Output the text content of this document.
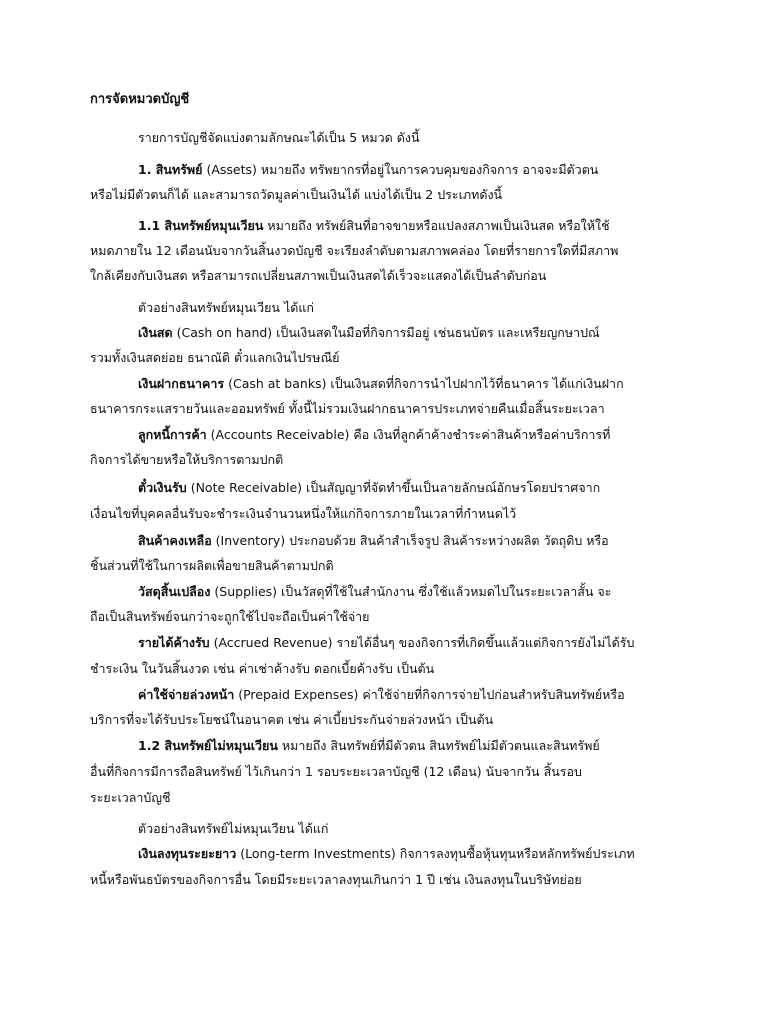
การจัดหมวดบัญชี

รายการบัญชีจัดแบ่งตามลักษณะได้เป็น 5 หมวด ดังนี้

1. สินทรัพย์ (Assets) หมายถึง ทรัพยากรที่อยู่ในการควบคุมของกิจการ อาจจะมีตัวตน

หรือไม่มีตัวตนก็ได้ และสามารถวัดมูลค่าเป็นเงินได้ แบ่งได้เป็น 2 ประเภทดังนี้

1.1 สินทรัพย์หมุนเวียน หมายถึง ทรัพย์สินที่อาจขายหรือแปลงสภาพเป็นเงินสด หรือให้ใช้

หมดภายใน 12 เดือนนับจากวันสิ้นงวดบัญชี จะเรียงลำดับตามสภาพคล่อง โดยที่รายการใดที่มีสภาพ

ใกล้เคียงกับเงินสด หรือสามารถเปลี่ยนสภาพเป็นเงินสดได้เร็วจะแสดงได้เป็นลำดับก่อน

ตัวอย่างสินทรัพย์หมุนเวียน ได้แก่

เงินสด (Cash on hand) เป็นเงินสดในมือที่กิจการมีอยู่ เช่นธนบัตร และเหรียญกษาปณ์

รวมทั้งเงินสดย่อย ธนาณัติ ตั๋วแลกเงินไปรษณีย์

เงินฝากธนาคาร (Cash at banks) เป็นเงินสดที่กิจการนำไปฝากไว้ที่ธนาคาร ได้แก่เงินฝาก

ธนาคารกระแสรายวันและออมทรัพย์ ทั้งนี้ไม่รวมเงินฝากธนาคารประเภทจ่ายคืนเมื่อสิ้นระยะเวลา

ลูกหนี้การค้า (Accounts Receivable) คือ เงินที่ลูกค้าค้างชำระค่าสินค้าหรือค่าบริการที่

กิจการได้ขายหรือให้บริการตามปกติ

ตั๋วเงินรับ (Note Receivable) เป็นสัญญาที่จัดทำขึ้นเป็นลายลักษณ์อักษรโดยปราศจาก

เงื่อนไขที่บุคคลอื่นรับจะชำระเงินจำนวนหนึ่งให้แก่กิจการภายในเวลาที่กำหนดไว้

สินค้าคงเหลือ (Inventory) ประกอบด้วย สินค้าสำเร็จรูป สินค้าระหว่างผลิต วัตถุดิบ หรือ

ชิ้นส่วนที่ใช้ในการผลิตเพื่อขายสินค้าตามปกติ

วัสดุสิ้นเปลือง (Supplies) เป็นวัสดุที่ใช้ในสำนักงาน ซึ่งใช้แล้วหมดไปในระยะเวลาสั้น จะ

ถือเป็นสินทรัพย์จนกว่าจะถูกใช้ไปจะถือเป็นค่าใช้จ่าย

รายได้ค้างรับ (Accrued Revenue) รายได้อื่นๆ ของกิจการที่เกิดขึ้นแล้วแต่กิจการยังไม่ได้รับ

ชำระเงิน ในวันสิ้นงวด เช่น ค่าเช่าค้างรับ ดอกเบี้ยค้างรับ เป็นต้น

ค่าใช้จ่ายล่วงหน้า (Prepaid Expenses) ค่าใช้จ่ายที่กิจการจ่ายไปก่อนสำหรับสินทรัพย์หรือ

บริการที่จะได้รับประโยชน์ในอนาคต เช่น ค่าเบี้ยประกันจ่ายล่วงหน้า เป็นต้น

1.2 สินทรัพย์ไม่หมุนเวียน หมายถึง สินทรัพย์ที่มีตัวตน สินทรัพย์ไม่มีตัวตนและสินทรัพย์

อื่นที่กิจการมีการถือสินทรัพย์ ไว้เกินกว่า 1 รอบระยะเวลาบัญชี (12 เดือน) นับจากวัน สิ้นรอบ

ระยะเวลาบัญชี

ตัวอย่างสินทรัพย์ไม่หมุนเวียน ได้แก่

เงินลงทุนระยะยาว (Long-term Investments) กิจการลงทุนซื้อหุ้นทุนหรือหลักทรัพย์ประเภท

หนี้หรือพันธบัตรของกิจการอื่น โดยมีระยะเวลาลงทุนเกินกว่า 1 ปี เช่น เงินลงทุนในบริษัทย่อย
